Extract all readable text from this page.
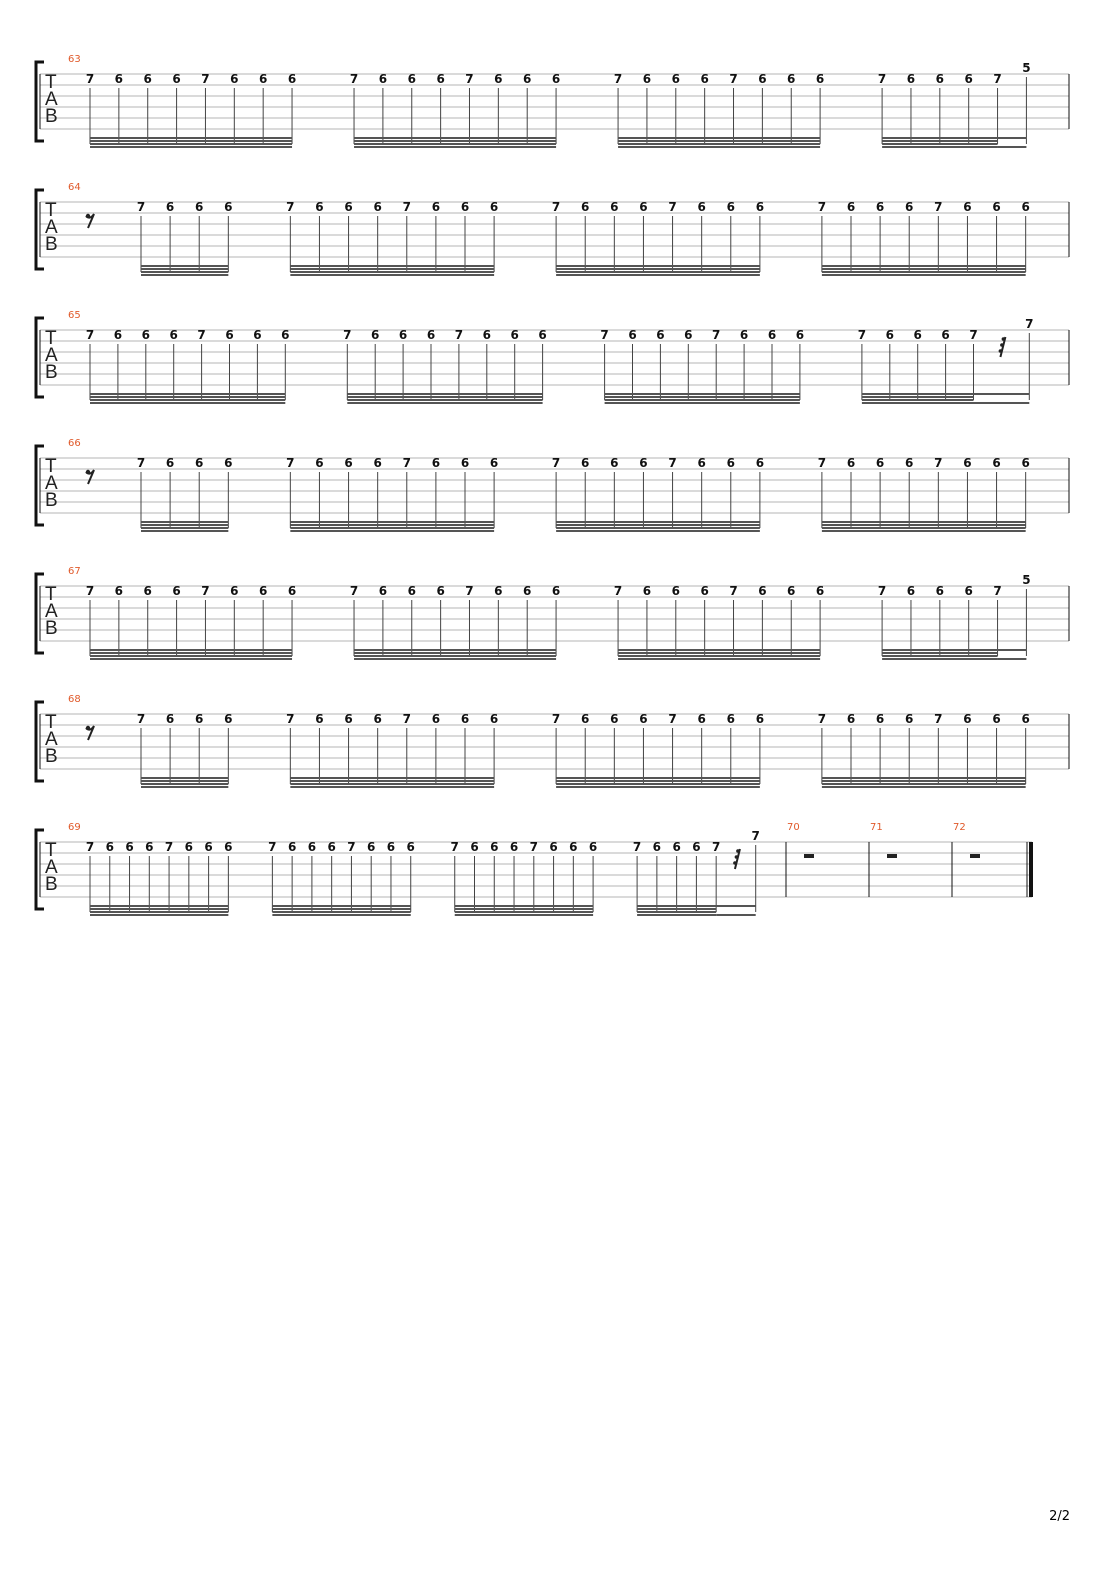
T
A
B
63
7 6 6 6 7 6 6 6	7 6 6 6 7 6 6 6	7 6 6 6 7 6 6 6	7 6 6 6 7
5
T
A
B
64
7 6 6 6	7 6 6 6 7 6 6 6	7 6 6 6 7 6 6 6	7 6 6 6 7 6 6 6
T
A
B
65
7 6 6 6 7 6 6 6	7 6 6 6 7 6 6 6	7 6 6 6 7 6 6 6	7 6 6 6 7
7
T
A
B
66
7 6 6 6	7 6 6 6 7 6 6 6	7 6 6 6 7 6 6 6	7 6 6 6 7 6 6 6
T
A
B
67
7 6 6 6 7 6 6 6	7 6 6 6 7 6 6 6	7 6 6 6 7 6 6 6	7 6 6 6 7
5
T
A
B
68
7 6 6 6	7 6 6 6 7 6 6 6	7 6 6 6 7 6 6 6	7 6 6 6 7 6 6 6
T
A
B
69
7 6 6 6 7 6 6 6	7 6 6 6 7 6 6 6	7 6 6 6 7 6 6 6	7 6 6 6 7
7
70	71	72
2/2
